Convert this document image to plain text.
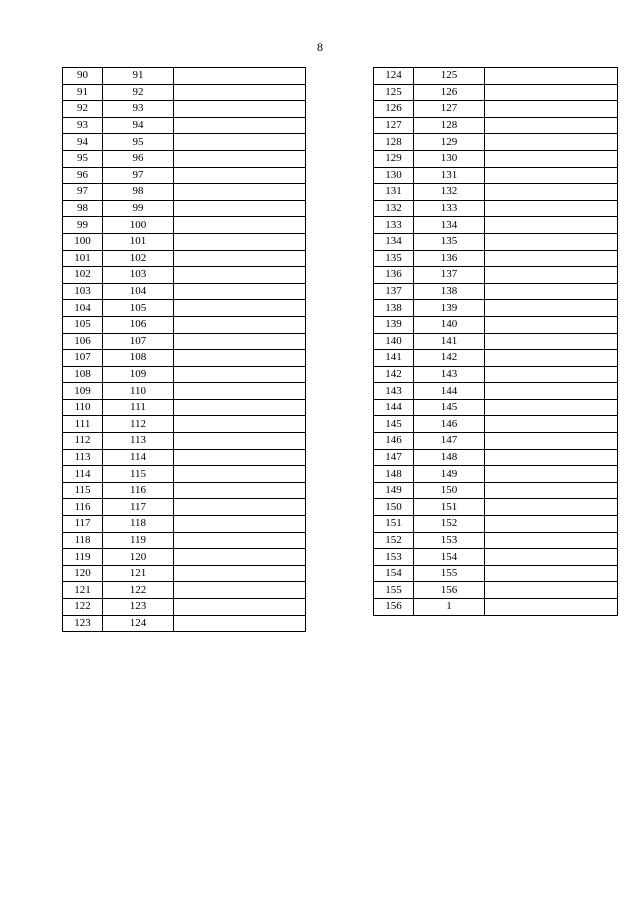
8
90	91	
91	92	
92	93	
93	94	
94	95	
95	96	
96	97	
97	98	
98	99	
99	100	
100	101	
101	102	
102	103	
103	104	
104	105	
105	106	
106	107	
107	108	
108	109	
109	110	
110	111	
111	112	
112	113	
113	114	
114	115	
115	116	
116	117	
117	118	
118	119	
119	120	
120	121	
121	122	
122	123	
123	124	
124	125	
125	126	
126	127	
127	128	
128	129	
129	130	
130	131	
131	132	
132	133	
133	134	
134	135	
135	136	
136	137	
137	138	
138	139	
139	140	
140	141	
141	142	
142	143	
143	144	
144	145	
145	146	
146	147	
147	148	
148	149	
149	150	
150	151	
151	152	
152	153	
153	154	
154	155	
155	156	
156	1	
